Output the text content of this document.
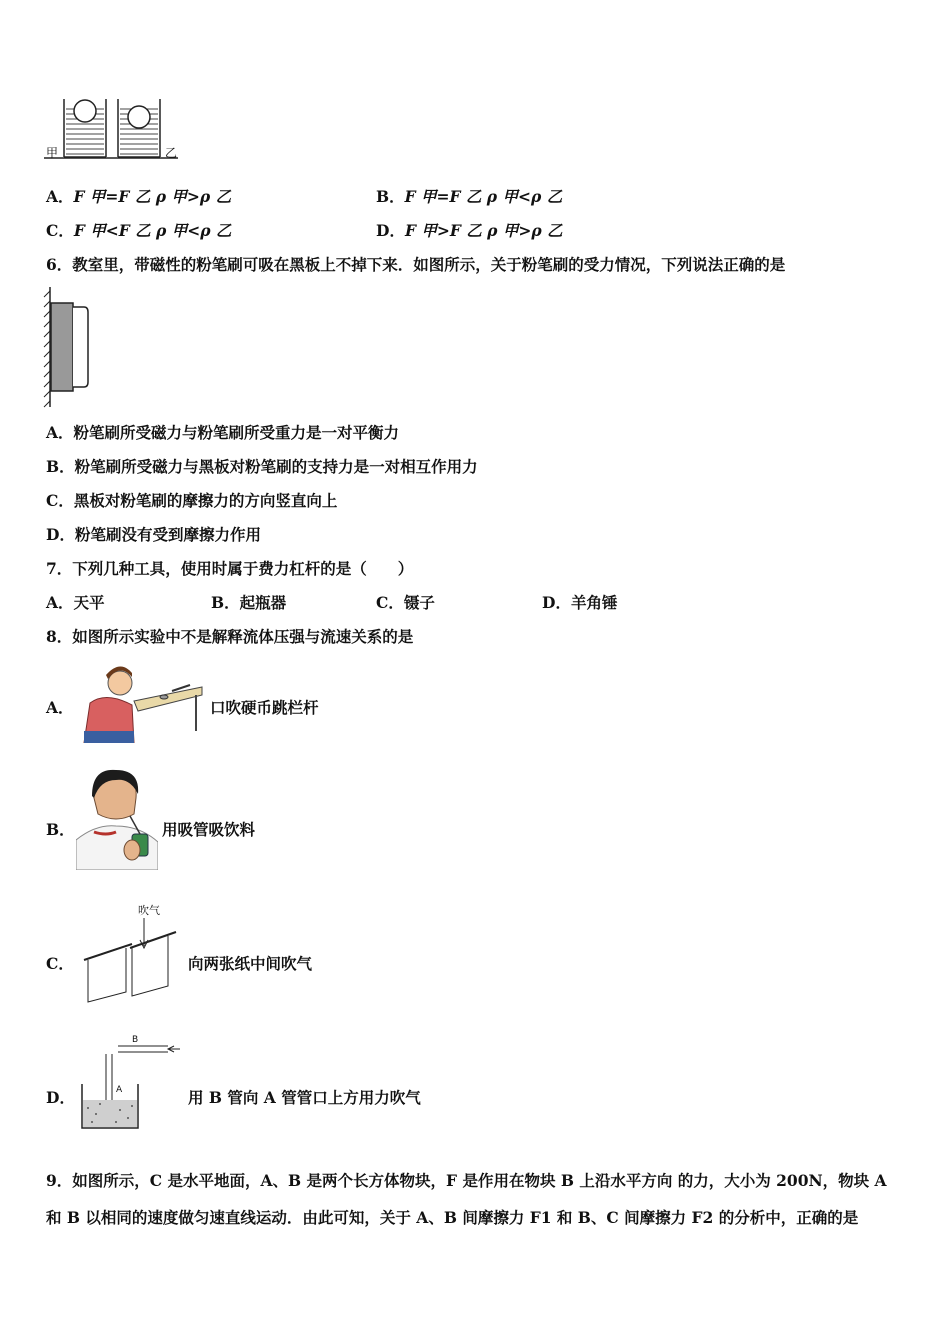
甲	乙
A．F 甲=F 乙 ρ 甲>ρ 乙	B．F 甲=F 乙 ρ 甲<ρ 乙
C．F 甲<F 乙 ρ 甲<ρ 乙	D．F 甲>F 乙 ρ 甲>ρ 乙
6．教室里，带磁性的粉笔刷可吸在黑板上不掉下来．如图所示，关于粉笔刷的受力情况，下列说法正确的是
A．粉笔刷所受磁力与粉笔刷所受重力是一对平衡力
B．粉笔刷所受磁力与黑板对粉笔刷的支持力是一对相互作用力
C．黑板对粉笔刷的摩擦力的方向竖直向上
D．粉笔刷没有受到摩擦力作用
7．下列几种工具，使用时属于费力杠杆的是（　　）
A．天平	B．起瓶器	C．镊子	D．羊角锤
8．如图所示实验中不是解释流体压强与流速关系的是
A．	口吹硬币跳栏杆
B．	用吸管吸饮料
C．
吹气
向两张纸中间吹气
D．
B
A	用 B 管向 A 管管口上方用力吹气
9．如图所示，C 是水平地面，A、B 是两个长方体物块，F 是作用在物块 B 上沿水平方向 的力，大小为 200N，物块 A
和 B 以相同的速度做匀速直线运动．由此可知，关于 A、B 间摩擦力 F1 和 B、C 间摩擦力 F2 的分析中，正确的是
